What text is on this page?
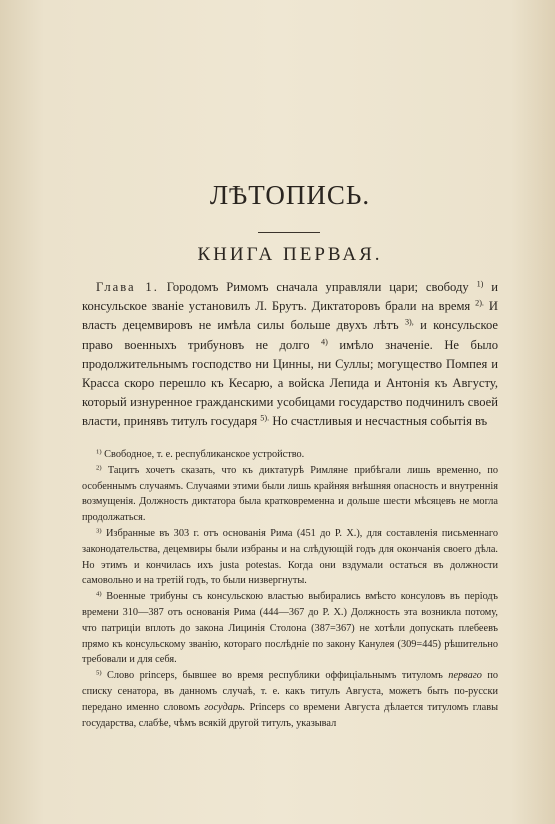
ЛѢТОПИСЬ.
КНИГА ПЕРВАЯ.

Глава 1. Городомъ Римомъ сначала управляли цари; свободу $^{1)}$ и консульское званіе установилъ Л. Брутъ. Диктаторовъ брали на время $^{2).}$ И власть децемвировъ не имѣла силы больше двухъ лѣтъ $^{3),}$ и консульское право военныхъ трибуновъ не долго $^{4)}$ имѣло значеніе. Не было продолжительнымъ господство ни Цинны, ни Суллы; могущество Помпея и Красса скоро перешло къ Кесарю, а войска Лепида и Антонія къ Августу, который изнуренное гражданскими усобицами государство подчинилъ своей власти, принявъ титулъ государя $^{5).}$ Но счастливыя и несчастныя событія въ

$^{1)}$ Свободное, т. е. республиканское устройство.

$^{2)}$ Тацитъ хочетъ сказать, что къ диктатурѣ Римляне прибѣгали лишь временно, по особеннымъ случаямъ. Случаями этими были лишь крайняя внѣшняя опасность и внутреннія возмущенія. Должность диктатора была кратковременна и дольше шести мѣсяцевъ не могла продолжаться.

$^{3)}$ Избранные въ 303 г. отъ основанія Рима (451 до Р. Х.), для составленія письменнаго законодательства, децемвиры были избраны и на слѣдующій годъ для окончанія своего дѣла. Но этимъ и кончилась ихъ justa potestas. Когда они вздумали остаться въ должности самовольно и на третій годъ, то были низвергнуты.

$^{4)}$ Военные трибуны съ консульскою властью выбирались вмѣсто консуловъ въ періодъ времени 310—387 отъ основанія Рима (444—367 до Р. Х.) Должность эта возникла потому, что патриціи вплоть до закона Лицинія Столона (387=367) не хотѣли допускать плебеевъ прямо къ консульскому званію, котораго послѣдніе по закону Канулея (309=445) рѣшительно требовали и для себя.

$^{5)}$ Слово princeps, бывшее во время республики оффиціальнымъ титуломъ перваго по списку сенатора, въ данномъ случаѣ, т. е. какъ титулъ Августа, можетъ быть по-русски передано именно словомъ государь. Princeps со времени Августа дѣлается титуломъ главы государства, слабѣе, чѣмъ всякій другой титулъ, указывал
